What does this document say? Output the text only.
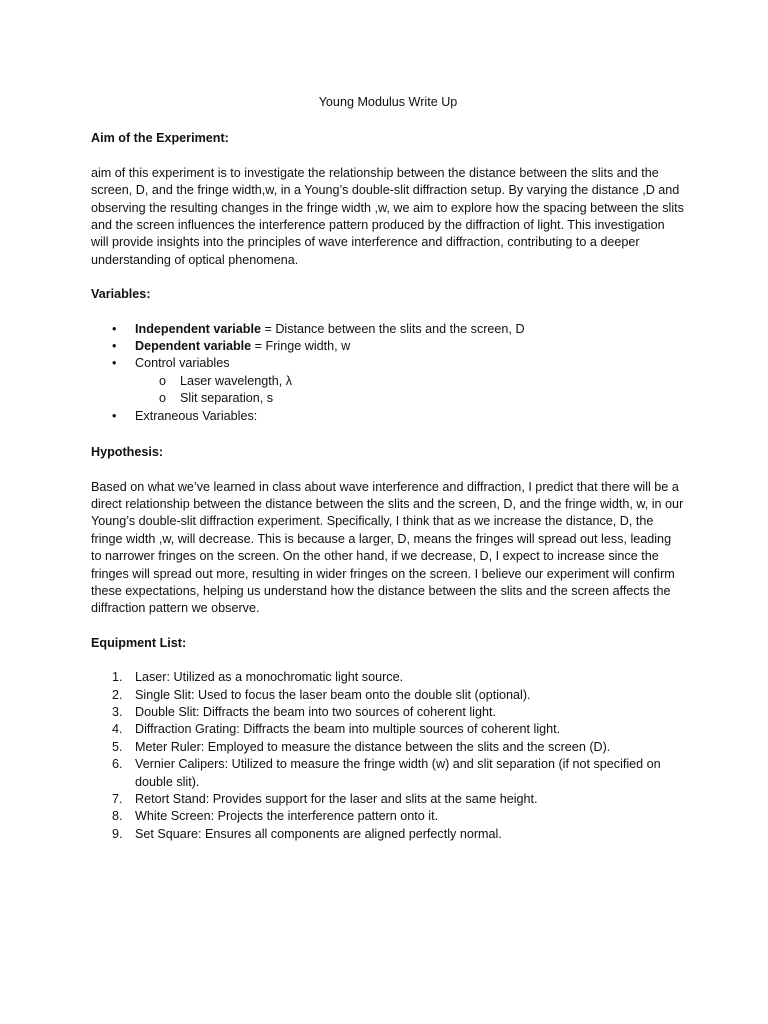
Young Modulus Write Up
Aim of the Experiment:
aim of this experiment is to investigate the relationship between the distance between the slits and the screen, D, and the fringe width,w, in a Young’s double-slit diffraction setup. By varying the distance ,D and observing the resulting changes in the fringe width ,w, we aim to explore how the spacing between the slits and the screen influences the interference pattern produced by the diffraction of light. This investigation will provide insights into the principles of wave interference and diffraction, contributing to a deeper understanding of optical phenomena.
Variables:
• Independent variable = Distance between the slits and the screen, D
• Dependent variable = Fringe width, w
• Control variables
o Laser wavelength, λ
o Slit separation, s
• Extraneous Variables:
Hypothesis:
Based on what we’ve learned in class about wave interference and diffraction, I predict that there will be a direct relationship between the distance between the slits and the screen, D, and the fringe width, w, in our Young’s double-slit diffraction experiment. Specifically, I think that as we increase the distance, D, the fringe width ,w, will decrease. This is because a larger, D, means the fringes will spread out less, leading to narrower fringes on the screen. On the other hand, if we decrease, D, I expect to increase since the fringes will spread out more, resulting in wider fringes on the screen. I believe our experiment will confirm these expectations, helping us understand how the distance between the slits and the screen affects the diffraction pattern we observe.
Equipment List:
1. Laser: Utilized as a monochromatic light source.
2. Single Slit: Used to focus the laser beam onto the double slit (optional).
3. Double Slit: Diffracts the beam into two sources of coherent light.
4. Diffraction Grating: Diffracts the beam into multiple sources of coherent light.
5. Meter Ruler: Employed to measure the distance between the slits and the screen (D).
6. Vernier Calipers: Utilized to measure the fringe width (w) and slit separation (if not specified on double slit).
7. Retort Stand: Provides support for the laser and slits at the same height.
8. White Screen: Projects the interference pattern onto it.
9. Set Square: Ensures all components are aligned perfectly normal.
